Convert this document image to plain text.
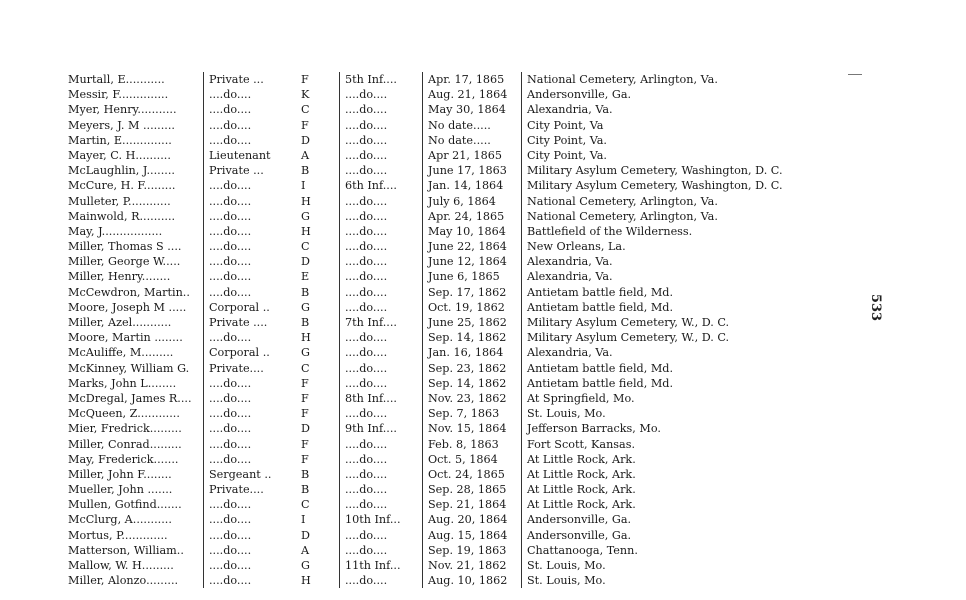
Murtall, E...........	Private ...	F	5th Inf....	Apr. 17, 1865	National Cemetery, Arlington, Va.
Messir, F..............	....do....	K	....do....	Aug. 21, 1864	Andersonville, Ga.
Myer, Henry...........	....do....	C	....do....	May 30, 1864	Alexandria, Va.
Meyers, J. M .........	....do....	F	....do....	No date.....	City Point, Va
Martin, E..............	....do....	D	....do....	No date.....	City Point, Va.
Mayer, C. H..........	Lieutenant	A	....do....	Apr 21, 1865	City Point, Va.
McLaughlin, J........	Private ...	B	....do....	June 17, 1863	Military Asylum Cemetery, Washington, D. C.
McCure, H. F.........	....do....	I	6th Inf....	Jan. 14, 1864	Military Asylum Cemetery, Washington, D. C.
Mulleter, P............	....do....	H	....do....	July 6, 1864	National Cemetery, Arlington, Va.
Mainwold, R..........	....do....	G	....do....	Apr. 24, 1865	National Cemetery, Arlington, Va.
May, J.................	....do....	H	....do....	May 10, 1864	Battlefield of the Wilderness.
Miller, Thomas S ....	....do....	C	....do....	June 22, 1864	New Orleans, La.
Miller, George W.....	....do....	D	....do....	June 12, 1864	Alexandria, Va.
Miller, Henry........	....do....	E	....do....	June 6, 1865	Alexandria, Va.
McCewdron, Martin..	....do....	B	....do....	Sep. 17, 1862	Antietam battle field, Md.
Moore, Joseph M .....	Corporal ..	G	....do....	Oct. 19, 1862	Antietam battle field, Md.
Miller, Azel...........	Private ....	B	7th Inf....	June 25, 1862	Military Asylum Cemetery, W., D. C.
Moore, Martin ........	....do....	H	....do....	Sep. 14, 1862	Military Asylum Cemetery, W., D. C.
McAuliffe, M.........	Corporal ..	G	....do....	Jan. 16, 1864	Alexandria, Va.
McKinney, William G.	Private....	C	....do....	Sep. 23, 1862	Antietam battle field, Md.
Marks, John L........	....do....	F	....do....	Sep. 14, 1862	Antietam battle field, Md.
McDregal, James R....	....do....	F	8th Inf....	Nov. 23, 1862	At Springfield, Mo.
McQueen, Z............	....do....	F	....do....	Sep. 7, 1863	St. Louis, Mo.
Mier, Fredrick.........	....do....	D	9th Inf....	Nov. 15, 1864	Jefferson Barracks, Mo.
Miller, Conrad.........	....do....	F	....do....	Feb. 8, 1863	Fort Scott, Kansas.
May, Frederick.......	....do....	F	....do....	Oct. 5, 1864	At Little Rock, Ark.
Miller, John F........	Sergeant ..	B	....do....	Oct. 24, 1865	At Little Rock, Ark.
Mueller, John .......	Private....	B	....do....	Sep. 28, 1865	At Little Rock, Ark.
Mullen, Gotfind.......	....do....	C	....do....	Sep. 21, 1864	At Little Rock, Ark.
McClurg, A...........	....do....	I	10th Inf...	Aug. 20, 1864	Andersonville, Ga.
Mortus, P.............	....do....	D	....do....	Aug. 15, 1864	Andersonville, Ga.
Matterson, William..	....do....	A	....do....	Sep. 19, 1863	Chattanooga, Tenn.
Mallow, W. H.........	....do....	G	11th Inf...	Nov. 21, 1862	St. Louis, Mo.
Miller, Alonzo.........	....do....	H	....do....	Aug. 10, 1862	St. Louis, Mo.
533
